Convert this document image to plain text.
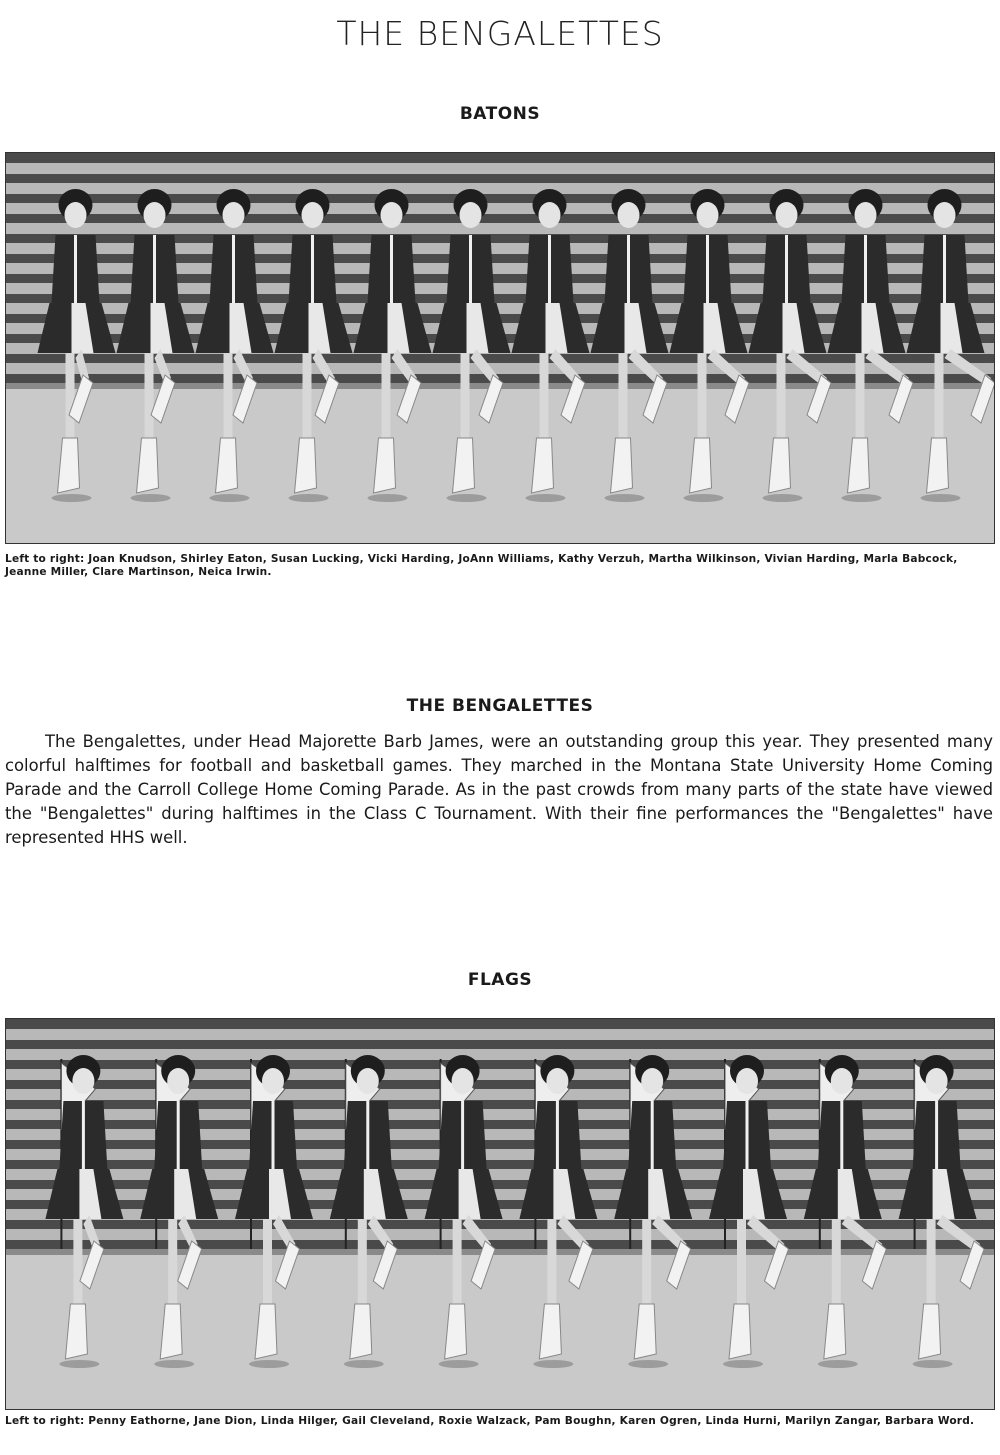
THE BENGALETTES
BATONS
Left to right: Joan Knudson, Shirley Eaton, Susan Lucking, Vicki Harding, JoAnn Williams, Kathy Verzuh, Martha Wilkinson, Vivian Harding, Marla Babcock, Jeanne Miller, Clare Martinson, Neica Irwin.
THE BENGALETTES
The Bengalettes, under Head Majorette Barb James, were an outstanding group this year. They presented many colorful halftimes for football and basketball games. They marched in the Montana State University Home Coming Parade and the Carroll College Home Coming Parade. As in the past crowds from many parts of the state have viewed the "Bengalettes" during halftimes in the Class C Tournament. With their fine performances the "Bengalettes" have represented HHS well.
FLAGS
Left to right: Penny Eathorne, Jane Dion, Linda Hilger, Gail Cleveland, Roxie Walzack, Pam Boughn, Karen Ogren, Linda Hurni, Marilyn Zangar, Barbara Word.
